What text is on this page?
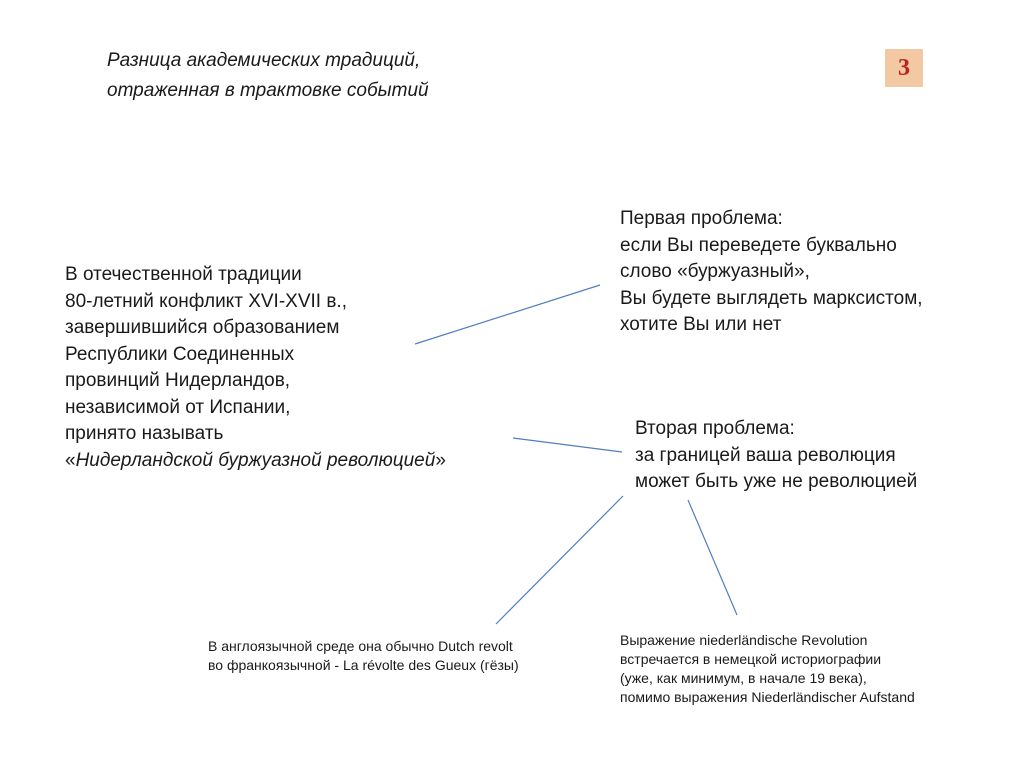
Разница академических традиций,
отраженная в трактовке событий
3
В отечественной традиции
80-летний конфликт XVI-XVII в.,
завершившийся образованием
Республики Соединенных
провинций Нидерландов,
независимой от Испании,
принято называть
«Нидерландской буржуазной революцией»
Первая проблема:
если Вы переведете буквально
слово «буржуазный»,
Вы будете выглядеть марксистом,
хотите Вы или нет
Вторая проблема:
за границей ваша революция
может быть уже не революцией
В англоязычной среде она обычно Dutch revolt
во франкоязычной - La révolte des Gueux (гёзы)
Выражение niederländische Revolution
встречается в немецкой историографии
(уже, как минимум, в начале 19 века),
помимо выражения Niederländischer Aufstand
